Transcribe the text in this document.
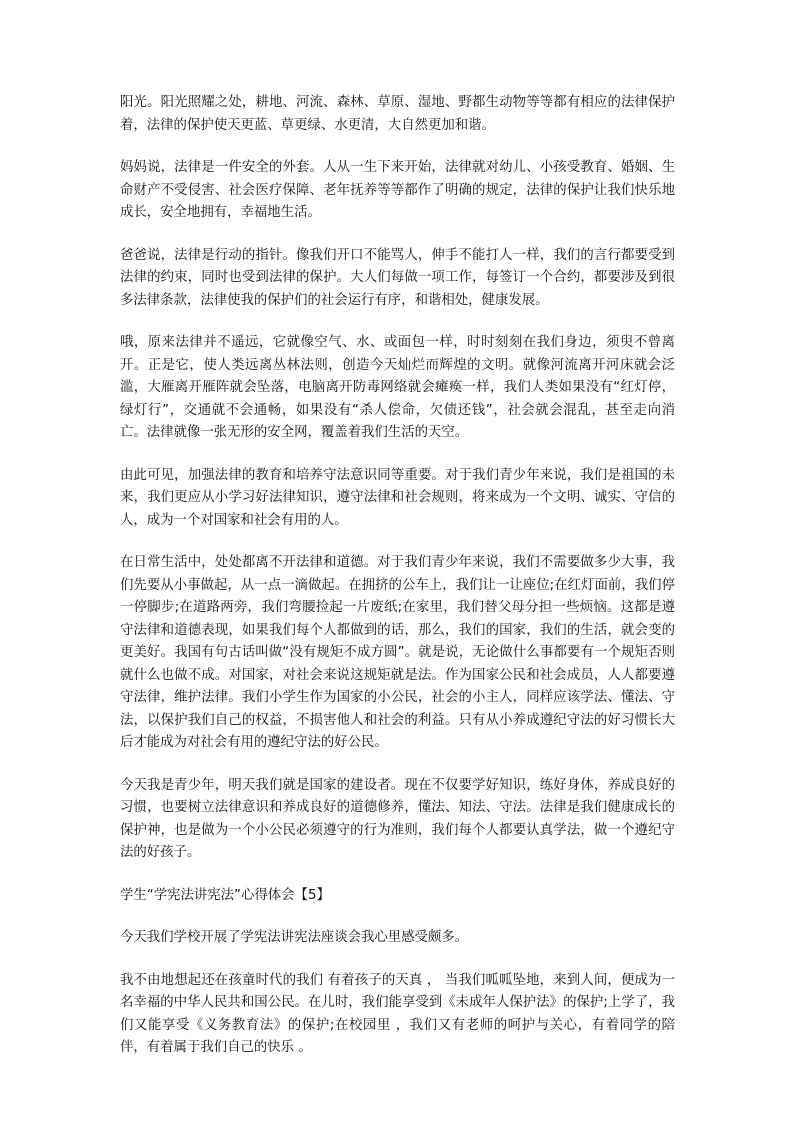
阳光。阳光照耀之处，耕地、河流、森林、草原、湿地、野都生动物等等都有相应的法律保护着，法律的保护使天更蓝、草更绿、水更清，大自然更加和谐。

妈妈说，法律是一件安全的外套。人从一生下来开始，法律就对幼儿、小孩受教育、婚姻、生命财产不受侵害、社会医疗保障、老年抚养等等都作了明确的规定，法律的保护让我们快乐地成长，安全地拥有，幸福地生活。

爸爸说，法律是行动的指针。像我们开口不能骂人，伸手不能打人一样，我们的言行都要受到法律的约束，同时也受到法律的保护。大人们每做一项工作，每签订一个合约，都要涉及到很多法律条款，法律使我的保护们的社会运行有序，和谐相处，健康发展。

哦，原来法律并不遥远，它就像空气、水、或面包一样，时时刻刻在我们身边，须臾不曾离开。正是它，使人类远离丛林法则，创造今天灿烂而辉煌的文明。就像河流离开河床就会泛滥，大雁离开雁阵就会坠落，电脑离开防毒网络就会瘫痪一样，我们人类如果没有“红灯停，绿灯行”，交通就不会通畅，如果没有“杀人偿命，欠债还钱”，社会就会混乱，甚至走向消亡。法律就像一张无形的安全网，覆盖着我们生活的天空。

由此可见，加强法律的教育和培养守法意识同等重要。对于我们青少年来说，我们是祖国的未来，我们更应从小学习好法律知识，遵守法律和社会规则，将来成为一个文明、诚实、守信的人，成为一个对国家和社会有用的人。

在日常生活中，处处都离不开法律和道德。对于我们青少年来说，我们不需要做多少大事，我们先要从小事做起，从一点一滴做起。在拥挤的公车上，我们让一让座位;在红灯面前，我们停一停脚步;在道路两旁，我们弯腰捡起一片废纸;在家里，我们替父母分担一些烦恼。这都是遵守法律和道德表现，如果我们每个人都做到的话，那么，我们的国家，我们的生活，就会变的更美好。我国有句古话叫做“没有规矩不成方圆”。就是说，无论做什么事都要有一个规矩否则就什么也做不成。对国家，对社会来说这规矩就是法。作为国家公民和社会成员，人人都要遵守法律，维护法律。我们小学生作为国家的小公民，社会的小主人，同样应该学法、懂法、守法，以保护我们自己的权益，不损害他人和社会的利益。只有从小养成遵纪守法的好习惯长大后才能成为对社会有用的遵纪守法的好公民。

今天我是青少年，明天我们就是国家的建设者。现在不仅要学好知识，练好身体，养成良好的习惯，也要树立法律意识和养成良好的道德修养，懂法、知法、守法。法律是我们健康成长的保护神，也是做为一个小公民必须遵守的行为准则，我们每个人都要认真学法，做一个遵纪守法的好孩子。

学生“学宪法讲宪法”心得体会【5】

今天我们学校开展了学宪法讲宪法座谈会我心里感受颇多。

我不由地想起还在孩童时代的我们 有着孩子的天真 ， 当我们呱呱坠地，来到人间，便成为一名幸福的中华人民共和国公民。在儿时，我们能享受到《未成年人保护法》的保护;上学了，我们又能享受《义务教育法》的保护;在校园里 ，我们又有老师的呵护与关心，有着同学的陪伴，有着属于我们自己的快乐 。
